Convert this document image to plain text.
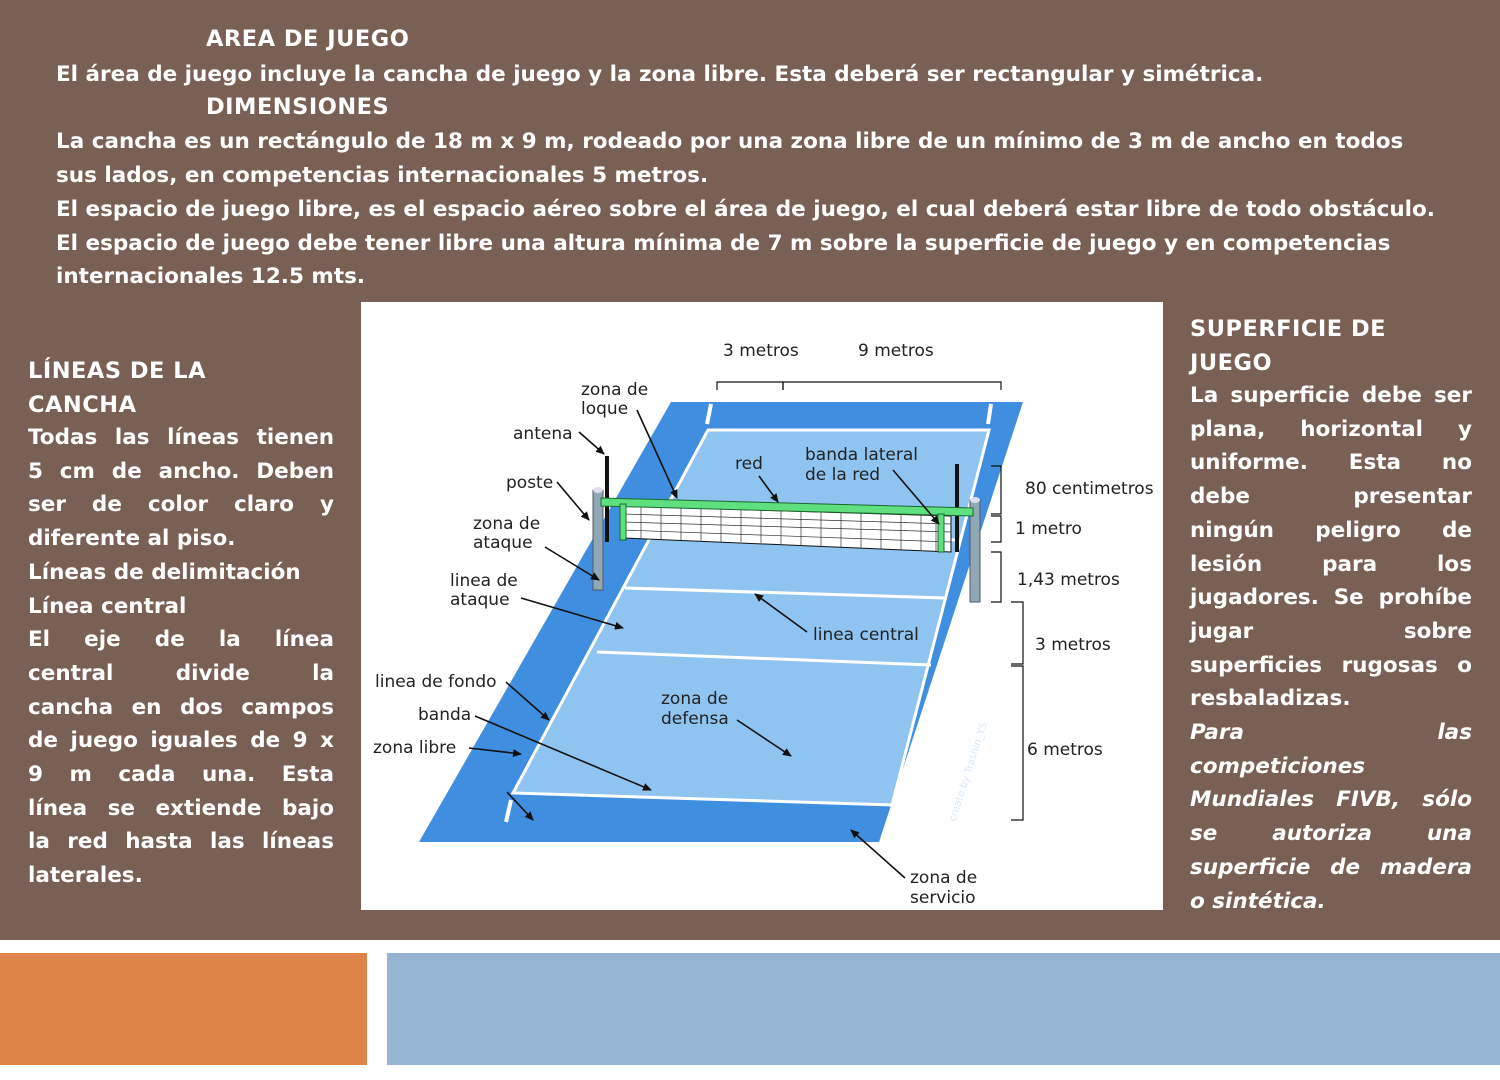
AREA DE JUEGO
El área de juego incluye la cancha de juego y la zona libre. Esta deberá ser rectangular y simétrica.
DIMENSIONES
La cancha es un rectángulo de 18 m x 9 m, rodeado por una zona libre de un mínimo de 3 m de ancho en todos sus lados, en competencias internacionales 5 metros.
El espacio de juego libre, es el espacio aéreo sobre el área de juego, el cual deberá estar libre de todo obstáculo. El espacio de juego debe tener libre una altura mínima de 7 m sobre la superficie de juego y en competencias internacionales 12.5 mts.
LÍNEAS DE LA
CANCHA
Todas las líneas tienen
5 cm de ancho. Deben
ser de color claro y
diferente al piso.
Líneas de delimitación
Línea central
El eje de la línea
central divide la
cancha en dos campos
de juego iguales de 9 x
9 m cada una. Esta
línea se extiende bajo
la red hasta las líneas
laterales.
SUPERFICIE DE
JUEGO
La superficie debe ser
plana, horizontal y
uniforme. Esta no
debe presentar
ningún peligro de
lesión para los
jugadores. Se prohíbe
jugar sobre
superficies rugosas o
resbaladizas.
Para las
competiciones
Mundiales FIVB, sólo
se autoriza una
superficie de madera
o sintética.
3 metros	9 metros
zona de
loque
antena
poste
zona de
ataque
linea de
ataque
linea de fondo
banda
zona libre
red banda lateral
de la red
80 centimetros
1 metro
1,43 metros
3 metros
6 metros
linea central
zona de
defensa
zona de
servicio
create by Trashin_YS
